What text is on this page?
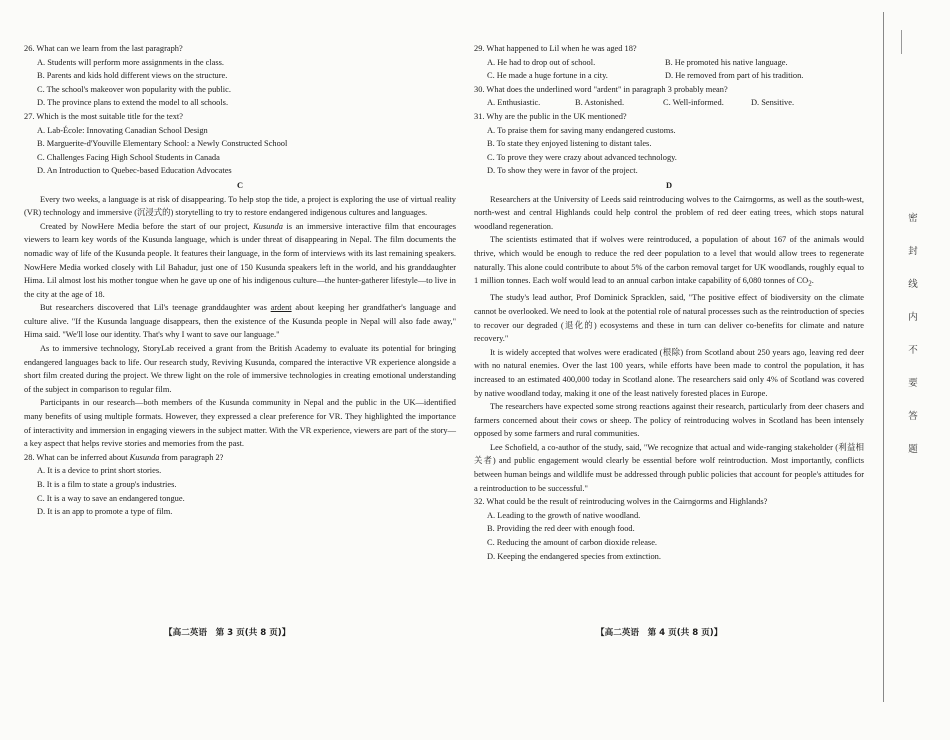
26. What can we learn from the last paragraph?

A. Students will perform more assignments in the class.

B. Parents and kids hold different views on the structure.

C. The school's makeover won popularity with the public.

D. The province plans to extend the model to all schools.

27. Which is the most suitable title for the text?

A. Lab-École: Innovating Canadian School Design

B. Marguerite-d'Youville Elementary School: a Newly Constructed School

C. Challenges Facing High School Students in Canada

D. An Introduction to Quebec-based Education Advocates

C

Every two weeks, a language is at risk of disappearing. To help stop the tide, a project is exploring the use of virtual reality (VR) technology and immersive (沉浸式的) storytelling to try to restore endangered indigenous cultures and languages.

Created by NowHere Media before the start of our project, Kusunda is an immersive interactive film that encourages viewers to learn key words of the Kusunda language, which is under threat of disappearing in Nepal. The film documents the nomadic way of life of the Kusunda people. It features their language, in the form of interviews with its last remaining speakers. NowHere Media worked closely with Lil Bahadur, just one of 150 Kusunda speakers left in the world, and his granddaughter Hima. Lil almost lost his mother tongue when he gave up one of his indigenous culture—the hunter-gatherer lifestyle—to live in the city at the age of 18.

But researchers discovered that Lil's teenage granddaughter was ardent about keeping her grandfather's language and culture alive. "If the Kusunda language disappears, then the existence of the Kusunda people in Nepal will also fade away," Hima said. "We'll lose our identity. That's why I want to save our language."

As to immersive technology, StoryLab received a grant from the British Academy to evaluate its potential for bringing endangered languages back to life. Our research study, Reviving Kusunda, compared the interactive VR experience alongside a short film created during the project. We threw light on the role of immersive technologies in creating emotional understanding of the subject in comparison to regular film.

Participants in our research—both members of the Kusunda community in Nepal and the public in the UK—identified many benefits of using multiple formats. However, they expressed a clear preference for VR. They highlighted the importance of interactivity and immersion in engaging viewers in the subject matter. With the VR experience, viewers are part of the story—a key aspect that helps revive stories and memories from the past.

28. What can be inferred about Kusunda from paragraph 2?

A. It is a device to print short stories.

B. It is a film to state a group's industries.

C. It is a way to save an endangered tongue.

D. It is an app to promote a type of film.

【高二英语　第 3 页(共 8 页)】

29. What happened to Lil when he was aged 18?

A. He had to drop out of school.	B. He promoted his native language.
C. He made a huge fortune in a city.	D. He removed from part of his tradition.

30. What does the underlined word "ardent" in paragraph 3 probably mean?

A. Enthusiastic.	B. Astonished.	C. Well-informed.	D. Sensitive.

31. Why are the public in the UK mentioned?

A. To praise them for saving many endangered customs.

B. To state they enjoyed listening to distant tales.

C. To prove they were crazy about advanced technology.

D. To show they were in favor of the project.

D

Researchers at the University of Leeds said reintroducing wolves to the Cairngorms, as well as the south-west, north-west and central Highlands could help control the problem of red deer eating trees, which stops natural woodland regeneration.

The scientists estimated that if wolves were reintroduced, a population of about 167 of the animals would thrive, which would be enough to reduce the red deer population to a level that would allow trees to regenerate naturally. This alone could contribute to about 5% of the carbon removal target for UK woodlands, roughly equal to 1 million tonnes. Each wolf would lead to an annual carbon intake capability of 6,080 tonnes of $CO_2$.

The study's lead author, Prof Dominick Spracklen, said, "The positive effect of biodiversity on the climate cannot be overlooked. We need to look at the potential role of natural processes such as the reintroduction of species to recover our degraded (退化的) ecosystems and these in turn can deliver co-benefits for climate and nature recovery."

It is widely accepted that wolves were eradicated (根除) from Scotland about 250 years ago, leaving red deer with no natural enemies. Over the last 100 years, while efforts have been made to control the population, it has increased to an estimated 400,000 today in Scotland alone. The researchers said only 4% of Scotland was covered by native woodland today, making it one of the least natively forested places in Europe.

The researchers have expected some strong reactions against their research, particularly from deer chasers and farmers concerned about their cows or sheep. The policy of reintroducing wolves in Scotland has been intensely opposed by some farmers and rural communities.

Lee Schofield, a co-author of the study, said, "We recognize that actual and wide-ranging stakeholder (利益相关者) and public engagement would clearly be essential before wolf reintroduction. Most importantly, conflicts between human beings and wildlife must be addressed through public policies that account for people's attitudes for a reintroduction to be successful."

32. What could be the result of reintroducing wolves in the Cairngorms and Highlands?

A. Leading to the growth of native woodland.

B. Providing the red deer with enough food.

C. Reducing the amount of carbon dioxide release.

D. Keeping the endangered species from extinction.

【高二英语　第 4 页(共 8 页)】
密
封
线
内
不
要
答
题
